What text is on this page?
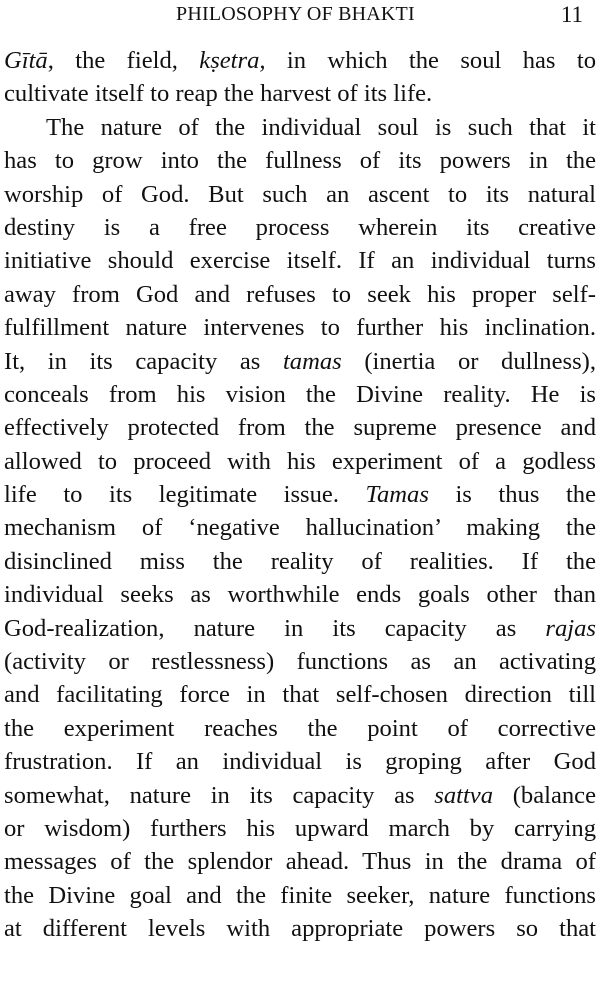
PHILOSOPHY OF BHAKTI	11
Gītā, the field, kṣetra, in which the soul has to
cultivate itself to reap the harvest of its life.
The nature of the individual soul is such that it
has to grow into the fullness of its powers in the
worship of God. But such an ascent to its natural
destiny is a free process wherein its creative
initiative should exercise itself. If an individual turns
away from God and refuses to seek his proper self-
fulfillment nature intervenes to further his inclination.
It, in its capacity as tamas (inertia or dullness),
conceals from his vision the Divine reality. He is
effectively protected from the supreme presence and
allowed to proceed with his experiment of a godless
life to its legitimate issue. Tamas is thus the
mechanism of ‘negative hallucination’ making the
disinclined miss the reality of realities. If the
individual seeks as worthwhile ends goals other than
God-realization, nature in its capacity as rajas
(activity or restlessness) functions as an activating
and facilitating force in that self-chosen direction till
the experiment reaches the point of corrective
frustration. If an individual is groping after God
somewhat, nature in its capacity as sattva (balance
or wisdom) furthers his upward march by carrying
messages of the splendor ahead. Thus in the drama of
the Divine goal and the finite seeker, nature functions
at different levels with appropriate powers so that
